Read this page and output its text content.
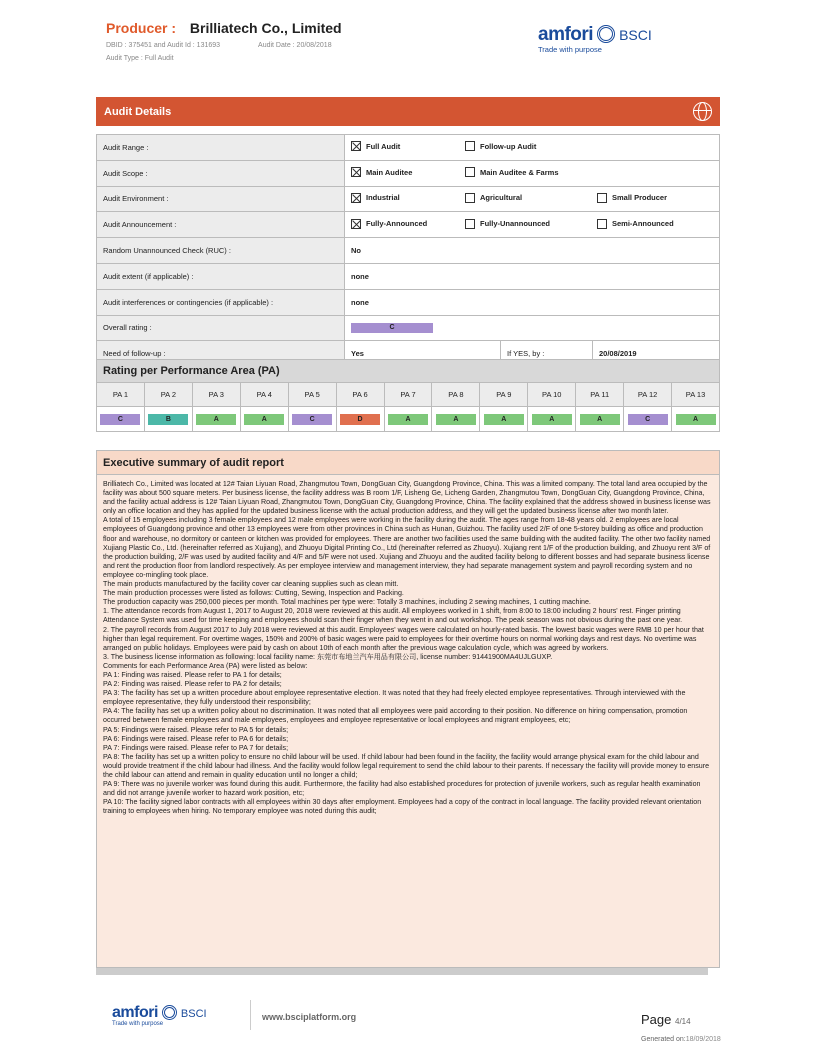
Producer : Brilliatech Co., Limited
DBID : 375451 and Audit Id : 131693	Audit Date : 20/08/2018
Audit Type : Full Audit
amfori BSCI
Trade with purpose
Audit Details
Audit Range :	Full Audit Follow-up Audit		

Audit Scope :	Main Auditee Main Auditee & Farms		

Audit Environment :	Industrial Agricultural Small Producer		

Audit Announcement :	Fully-Announced Fully-Unannounced Semi-Announced		

Random Unannounced Check (RUC) :	No		
Audit extent (if applicable) :	none		
Audit interferences or contingencies (if applicable) :	none		
Overall rating :	C		
Need of follow-up :	Yes	If YES, by :	20/08/2019
Rating per Performance Area (PA)
PA 1	PA 2	PA 3	PA 4	PA 5	PA 6	PA 7	PA 8	PA 9	PA 10	PA 11	PA 12	PA 13
C	B	A	A	C	D	A	A	A	A	A	C	A
Executive summary of audit report

Brilliatech Co., Limited was located at 12# Taian Liyuan Road, Zhangmutou Town, DongGuan City, Guangdong Province, China. This was a limited company. The total land area occupied by the facility was about 500 square meters. Per business license, the facility address was B room 1/F, Lisheng Ge, Licheng Garden, Zhangmutou Town, DongGuan City, Guangdong Province, China, and the facility actual address is 12# Taian Liyuan Road, Zhangmutou Town, DongGuan City, Guangdong Province, China. The facility explained that the address showed in business license was only an office location and they has applied for the updated business license with the actual production address, and they will get the updated business license after two month later.

A total of 15 employees including 3 female employees and 12 male employees were working in the facility during the audit. The ages range from 18-48 years old. 2 employees are local employees of Guangdong province and other 13 employees were from other provinces in China such as Hunan, Guizhou. The facility used 2/F of one 5-storey building as office and production floor and warehouse, no dormitory or canteen or kitchen was provided for employees. There are another two facilities used the same building with the audited facility. The other two facility named Xujiang Plastic Co., Ltd. (hereinafter referred as Xujiang), and Zhuoyu Digital Printing Co., Ltd (hereinafter referred as Zhuoyu). Xujiang rent 1/F of the production building, and Zhuoyu rent 3/F of the production building, 2/F was used by audited facility and 4/F and 5/F were not used. Xujiang and Zhuoyu and the audited facility belong to different bosses and had separate business license and rent the production floor from landlord respectively. As per employee interview and management interview, they had separate management system and payroll recording system and no employee co-mingling took place.

The main products manufactured by the facility cover car cleaning supplies such as clean mitt.

The main production processes were listed as follows: Cutting, Sewing, Inspection and Packing.

The production capacity was 250,000 pieces per month. Total machines per type were: Totally 3 machines, including 2 sewing machines, 1 cutting machine.

1. The attendance records from August 1, 2017 to August 20, 2018 were reviewed at this audit. All employees worked in 1 shift, from 8:00 to 18:00 including 2 hours' rest. Finger printing Attendance System was used for time keeping and employees should scan their finger when they went in and out workshop. The peak season was not obvious during the past one year.

2. The payroll records from August 2017 to July 2018 were reviewed at this audit. Employees' wages were calculated on hourly-rated basis. The lowest basic wages were RMB 10 per hour that higher than legal requirement. For overtime wages, 150% and 200% of basic wages were paid to employees for their overtime hours on normal working days and rest days. No overtime was arranged on public holidays. Employees were paid by cash on about 10th of each month after the previous wage calculation cycle, which was agreed by workers.

3. The business license information as following: local facility name: 东莞市布地兰汽车用品有限公司, license number: 91441900MA4UJLGUXP.

Comments for each Performance Area (PA) were listed as below:

PA 1: Finding was raised. Please refer to PA 1 for details;

PA 2: Finding was raised. Please refer to PA 2 for details;

PA 3: The facility has set up a written procedure about employee representative election. It was noted that they had freely elected employee representatives. Through interviewed with the employee representative, they fully understood their responsibility;

PA 4: The facility has set up a written policy about no discrimination. It was noted that all employees were paid according to their position. No difference on hiring compensation, promotion occurred between female employees and male employees, employees and employee representative or local employees and migrant employees, etc;

PA 5: Findings were raised. Please refer to PA 5 for details;

PA 6: Findings were raised. Please refer to PA 6 for details;

PA 7: Findings were raised. Please refer to PA 7 for details;

PA 8: The facility has set up a written policy to ensure no child labour will be used. If child labour had been found in the facility, the facility would arrange physical exam for the child labour and would provide treatment if the child labour had illness. And the facility would follow legal requirement to send the child labour to their parents. If necessary the facility will provide money to ensure the child labour can attend and remain in quality education until no longer a child;

PA 9: There was no juvenile worker was found during this audit. Furthermore, the facility had also established procedures for protection of juvenile workers, such as regular health examination and did not arrange juvenile worker to hazard work position, etc;

PA 10: The facility signed labor contracts with all employees within 30 days after employment. Employees had a copy of the contract in local language. The facility provided relevant orientation training to employees when hiring. No temporary employee was noted during this audit;

amfori BSCI
Trade with purpose
www.bsciplatform.org	Page 4/14
Generated on:18/09/2018
